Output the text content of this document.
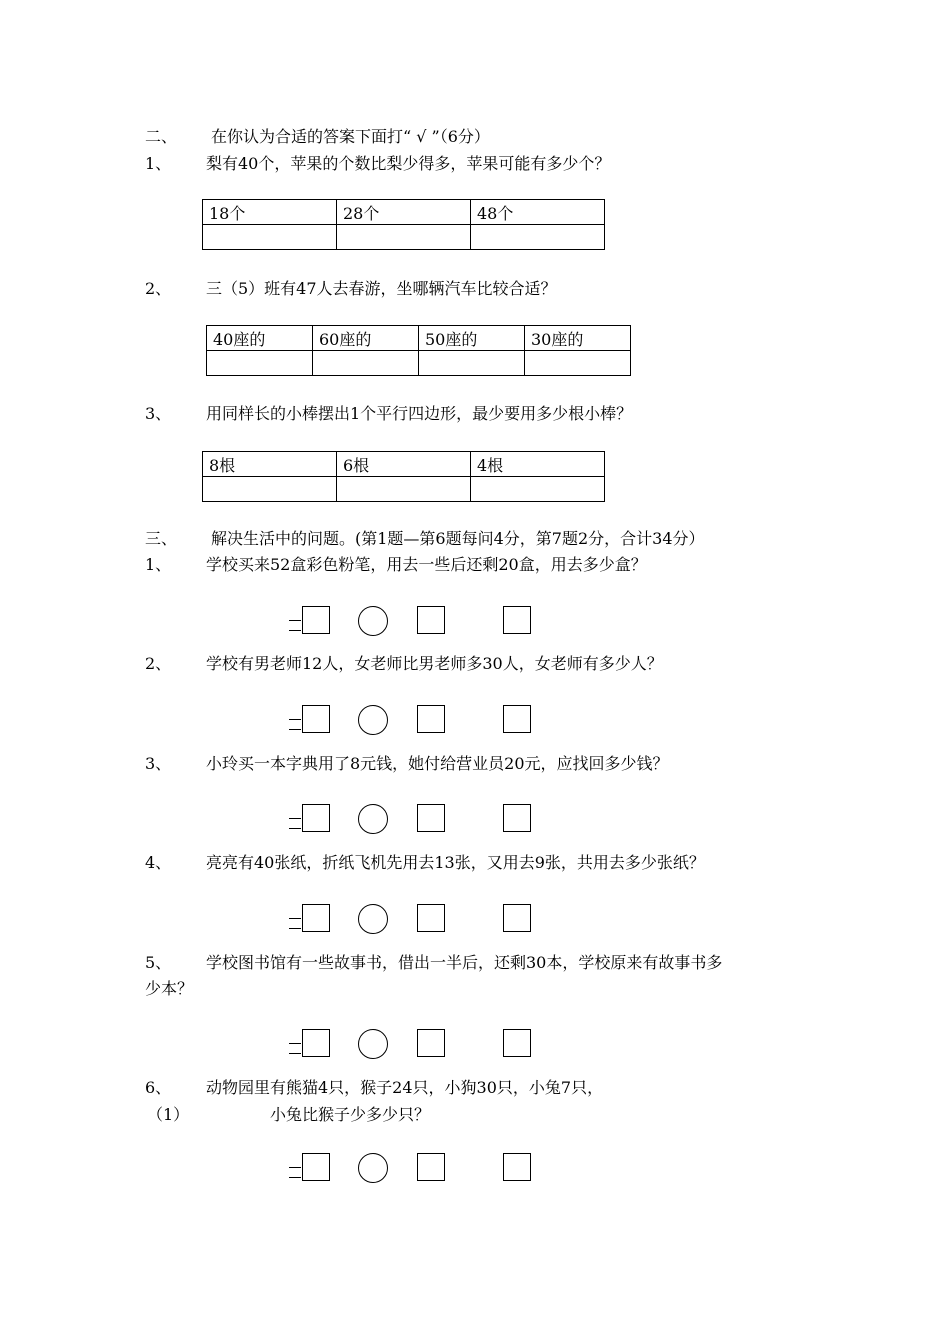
二、 在你认为合适的答案下面打“ √ ”（6分）
1、 梨有40个，苹果的个数比梨少得多，苹果可能有多少个？
18个	28个	48个

2、 三（5）班有47人去春游，坐哪辆汽车比较合适？
40座的	60座的	50座的	30座的

3、 用同样长的小棒摆出1个平行四边形，最少要用多少根小棒？
8根	6根	4根

三、 解决生活中的问题。(第1题—第6题每问4分，第7题2分，合计34分）
1、 学校买来52盒彩色粉笔，用去一些后还剩20盒，用去多少盒？
2、 学校有男老师12人，女老师比男老师多30人，女老师有多少人？
3、 小玲买一本字典用了8元钱，她付给营业员20元，应找回多少钱？
4、 亮亮有40张纸，折纸飞机先用去13张，又用去9张，共用去多少张纸？
5、 学校图书馆有一些故事书，借出一半后，还剩30本，学校原来有故事书多
少本？
6、 动物园里有熊猫4只，猴子24只，小狗30只，小兔7只，
（1）	小兔比猴子少多少只？
